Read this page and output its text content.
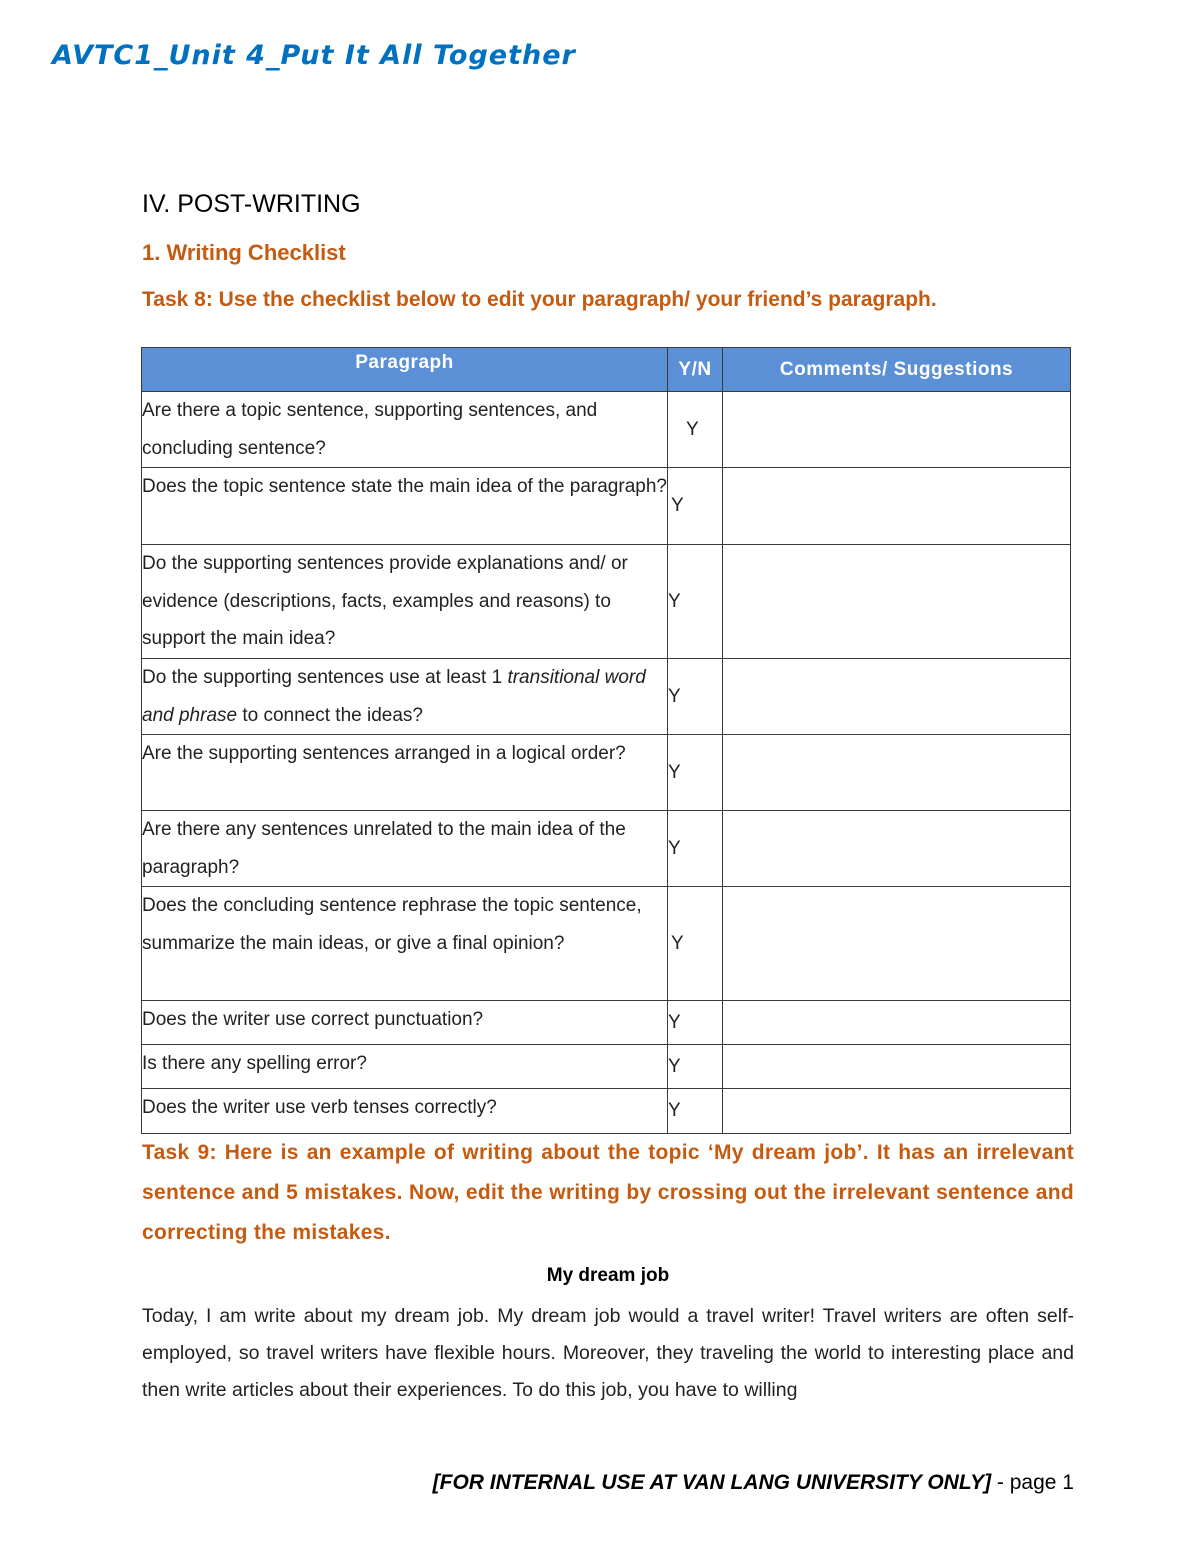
AVTC1_Unit 4_Put It All Together
IV. POST-WRITING
1. Writing Checklist
Task 8: Use the checklist below to edit your paragraph/ your friend’s paragraph.
Paragraph	Y/N	Comments/ Suggestions
Are there a topic sentence, supporting sentences, and concluding sentence?	Y	
Does the topic sentence state the main idea of the paragraph?	Y	
Do the supporting sentences provide explanations and/ or evidence (descriptions, facts, examples and reasons) to support the main idea?	Y	
Do the supporting sentences use at least 1 transitional word and phrase to connect the ideas?	Y	
Are the supporting sentences arranged in a logical order?	Y	
Are there any sentences unrelated to the main idea of the paragraph?	Y	
Does the concluding sentence rephrase the topic sentence, summarize the main ideas, or give a final opinion?	Y	
Does the writer use correct punctuation?	Y	
Is there any spelling error?	Y	
Does the writer use verb tenses correctly?	Y	
Task 9: Here is an example of writing about the topic ‘My dream job’. It has an irrelevant sentence and 5 mistakes. Now, edit the writing by crossing out the irrelevant sentence and correcting the mistakes.
My dream job
Today, I am write about my dream job. My dream job would a travel writer! Travel writers are often self-employed, so travel writers have flexible hours. Moreover, they traveling the world to interesting place and then write articles about their experiences. To do this job, you have to willing
[FOR INTERNAL USE AT VAN LANG UNIVERSITY ONLY] - page 1
